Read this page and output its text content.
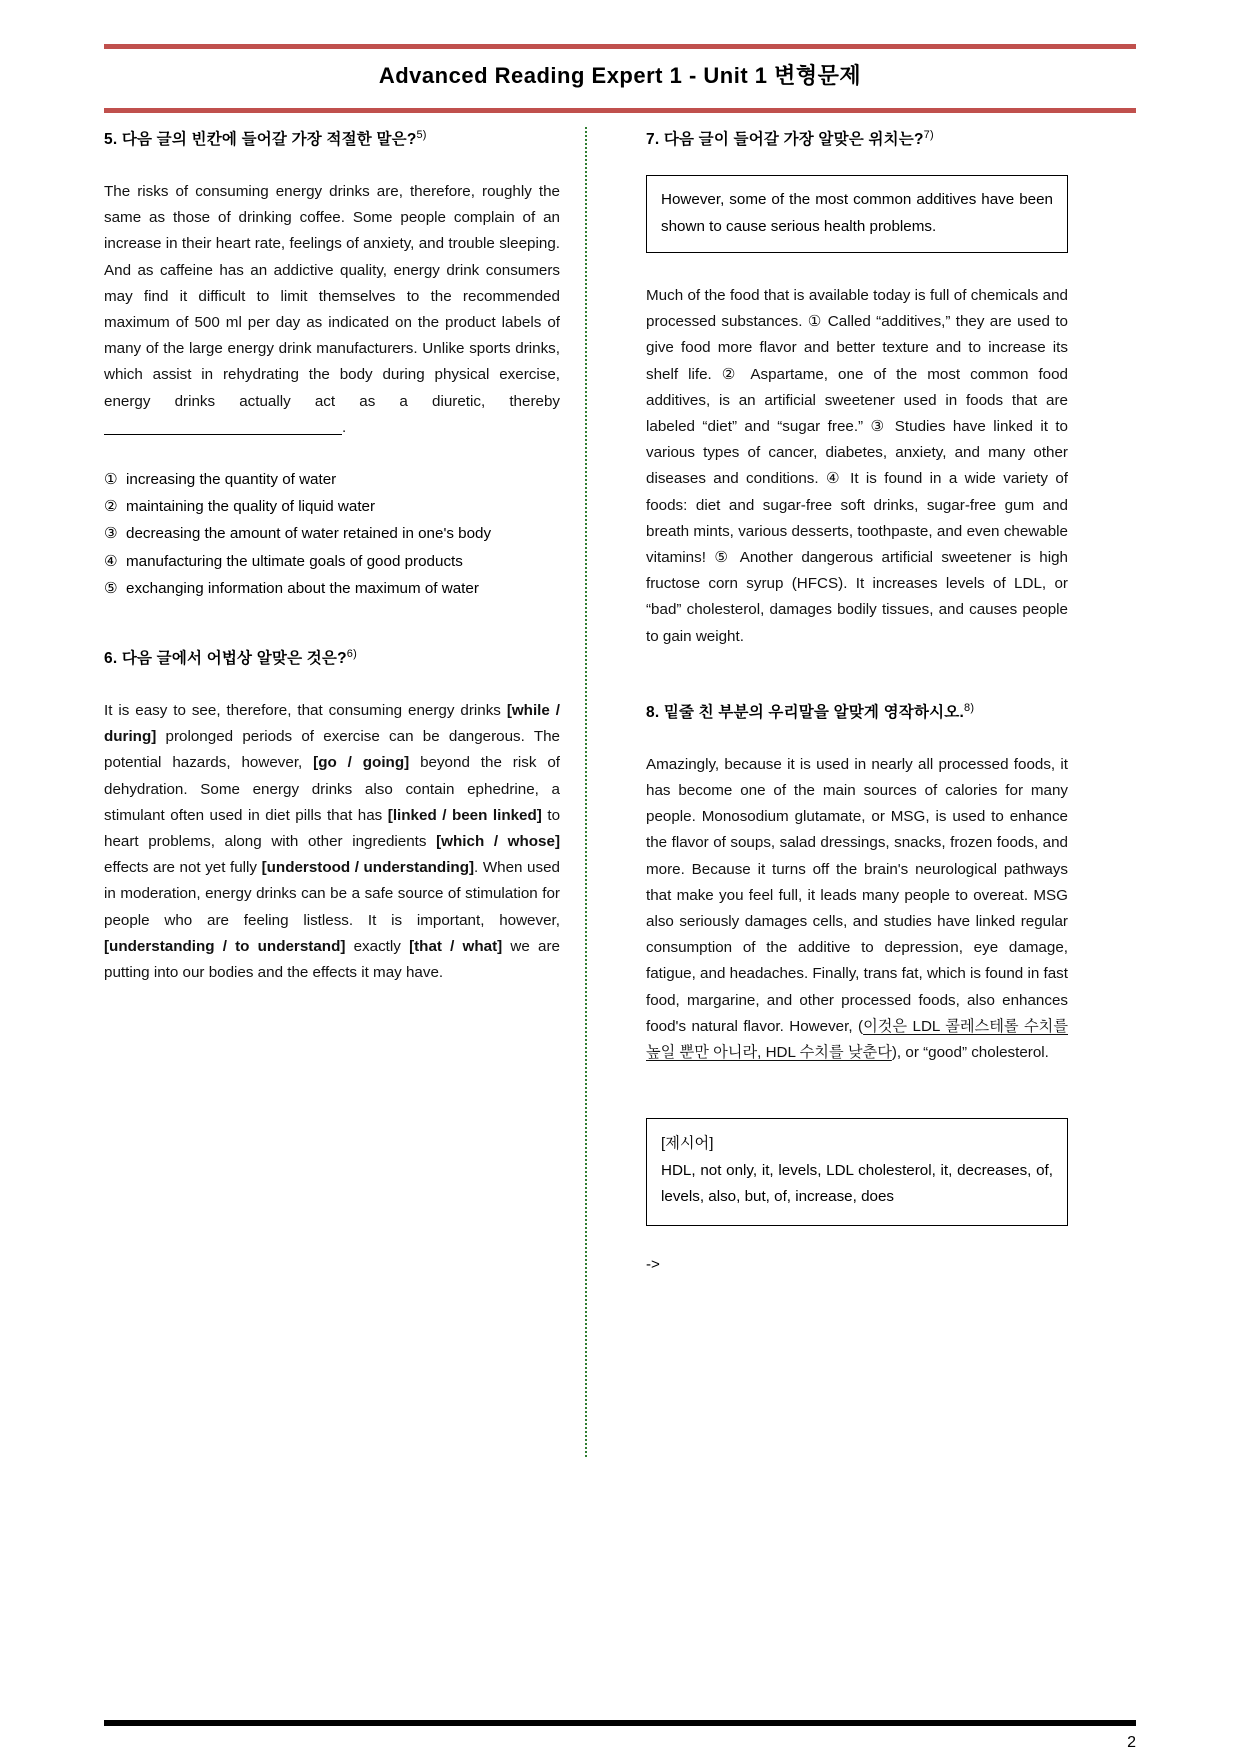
Advanced Reading Expert 1 - Unit 1 변형문제
5. 다음 글의 빈칸에 들어갈 가장 적절한 말은?$^{5)}$
The risks of consuming energy drinks are, therefore, roughly the same as those of drinking coffee. Some people complain of an increase in their heart rate, feelings of anxiety, and trouble sleeping. And as caffeine has an addictive quality, energy drink consumers may find it difficult to limit themselves to the recommended maximum of 500 ml per day as indicated on the product labels of many of the large energy drink manufacturers. Unlike sports drinks, which assist in rehydrating the body during physical exercise, energy drinks actually act as a diuretic, thereby .
① increasing the quantity of water
② maintaining the quality of liquid water
③ decreasing the amount of water retained in one's body
④ manufacturing the ultimate goals of good products
⑤ exchanging information about the maximum of water
6. 다음 글에서 어법상 알맞은 것은?$^{6)}$
It is easy to see, therefore, that consuming energy drinks [while / during] prolonged periods of exercise can be dangerous. The potential hazards, however, [go / going] beyond the risk of dehydration. Some energy drinks also contain ephedrine, a stimulant often used in diet pills that has [linked / been linked] to heart problems, along with other ingredients [which / whose] effects are not yet fully [understood / understanding]. When used in moderation, energy drinks can be a safe source of stimulation for people who are feeling listless. It is important, however, [understanding / to understand] exactly [that / what] we are putting into our bodies and the effects it may have.
7. 다음 글이 들어갈 가장 알맞은 위치는?$^{7)}$
However, some of the most common additives have been shown to cause serious health problems.
Much of the food that is available today is full of chemicals and processed substances. ① Called “additives,” they are used to give food more flavor and better texture and to increase its shelf life. ② Aspartame, one of the most common food additives, is an artificial sweetener used in foods that are labeled “diet” and “sugar free.” ③ Studies have linked it to various types of cancer, diabetes, anxiety, and many other diseases and conditions. ④ It is found in a wide variety of foods: diet and sugar-free soft drinks, sugar-free gum and breath mints, various desserts, toothpaste, and even chewable vitamins! ⑤ Another dangerous artificial sweetener is high fructose corn syrup (HFCS). It increases levels of LDL, or “bad” cholesterol, damages bodily tissues, and causes people to gain weight.
8. 밑줄 친 부분의 우리말을 알맞게 영작하시오.$^{8)}$
Amazingly, because it is used in nearly all processed foods, it has become one of the main sources of calories for many people. Monosodium glutamate, or MSG, is used to enhance the flavor of soups, salad dressings, snacks, frozen foods, and more. Because it turns off the brain's neurological pathways that make you feel full, it leads many people to overeat. MSG also seriously damages cells, and studies have linked regular consumption of the additive to depression, eye damage, fatigue, and headaches. Finally, trans fat, which is found in fast food, margarine, and other processed foods, also enhances food's natural flavor. However, (이것은 LDL 콜레스테롤 수치를 높일 뿐만 아니라, HDL 수치를 낮춘다), or “good” cholesterol.
[제시어]
HDL, not only, it, levels, LDL cholesterol, it, decreases, of, levels, also, but, of, increase, does
->
2
